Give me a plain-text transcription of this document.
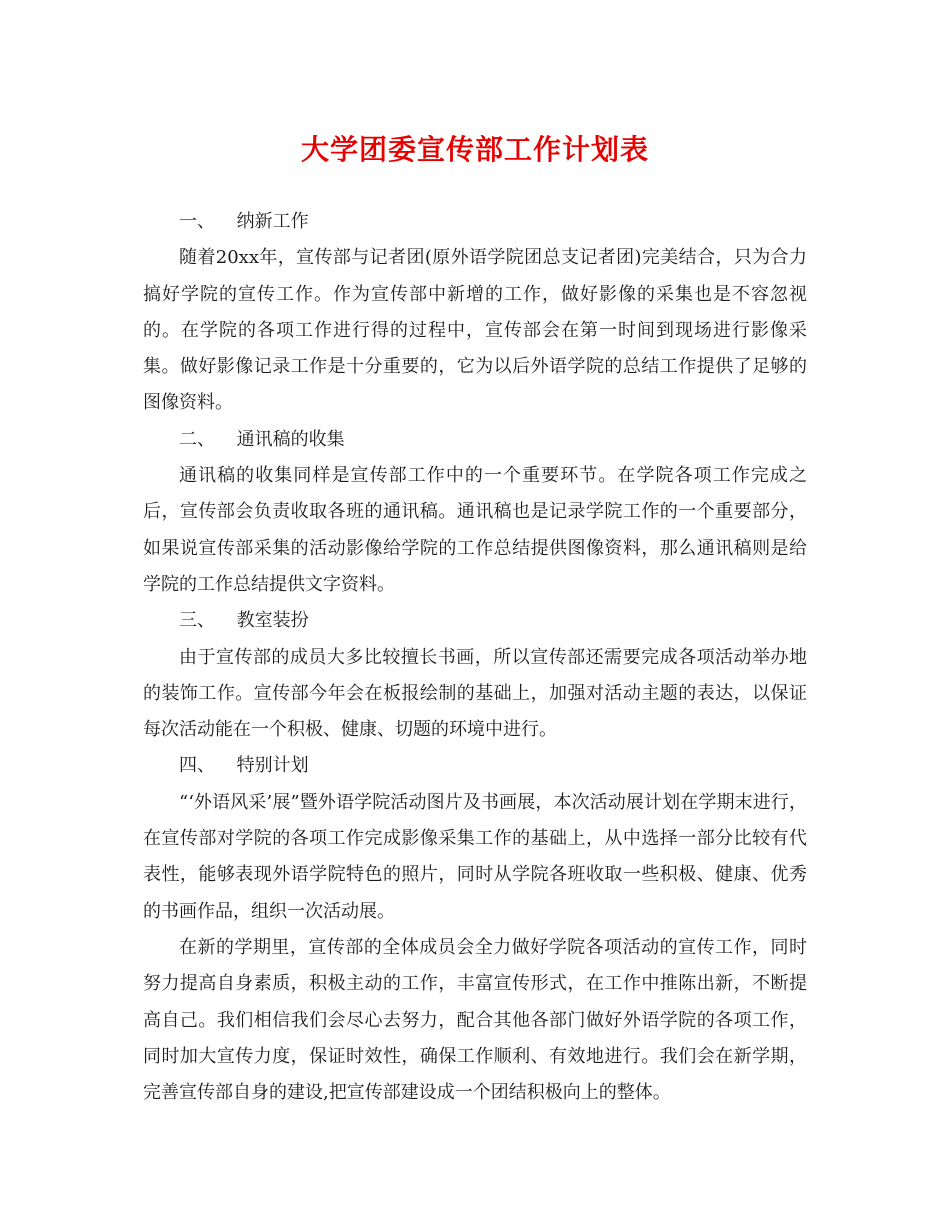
大学团委宣传部工作计划表

一、 纳新工作

随着20xx年，宣传部与记者团(原外语学院团总支记者团)完美结合，只为合力搞好学院的宣传工作。作为宣传部中新增的工作，做好影像的采集也是不容忽视的。在学院的各项工作进行得的过程中，宣传部会在第一时间到现场进行影像采集。做好影像记录工作是十分重要的，它为以后外语学院的总结工作提供了足够的图像资料。

二、 通讯稿的收集

通讯稿的收集同样是宣传部工作中的一个重要环节。在学院各项工作完成之后，宣传部会负责收取各班的通讯稿。通讯稿也是记录学院工作的一个重要部分，如果说宣传部采集的活动影像给学院的工作总结提供图像资料，那么通讯稿则是给学院的工作总结提供文字资料。

三、 教室装扮

由于宣传部的成员大多比较擅长书画，所以宣传部还需要完成各项活动举办地的装饰工作。宣传部今年会在板报绘制的基础上，加强对活动主题的表达，以保证每次活动能在一个积极、健康、切题的环境中进行。

四、 特别计划

“‘外语风采’展”暨外语学院活动图片及书画展，本次活动展计划在学期末进行，在宣传部对学院的各项工作完成影像采集工作的基础上，从中选择一部分比较有代表性，能够表现外语学院特色的照片，同时从学院各班收取一些积极、健康、优秀的书画作品，组织一次活动展。

在新的学期里，宣传部的全体成员会全力做好学院各项活动的宣传工作，同时努力提高自身素质，积极主动的工作，丰富宣传形式，在工作中推陈出新，不断提高自己。我们相信我们会尽心去努力，配合其他各部门做好外语学院的各项工作，同时加大宣传力度，保证时效性，确保工作顺利、有效地进行。我们会在新学期，完善宣传部自身的建设,把宣传部建设成一个团结积极向上的整体。
